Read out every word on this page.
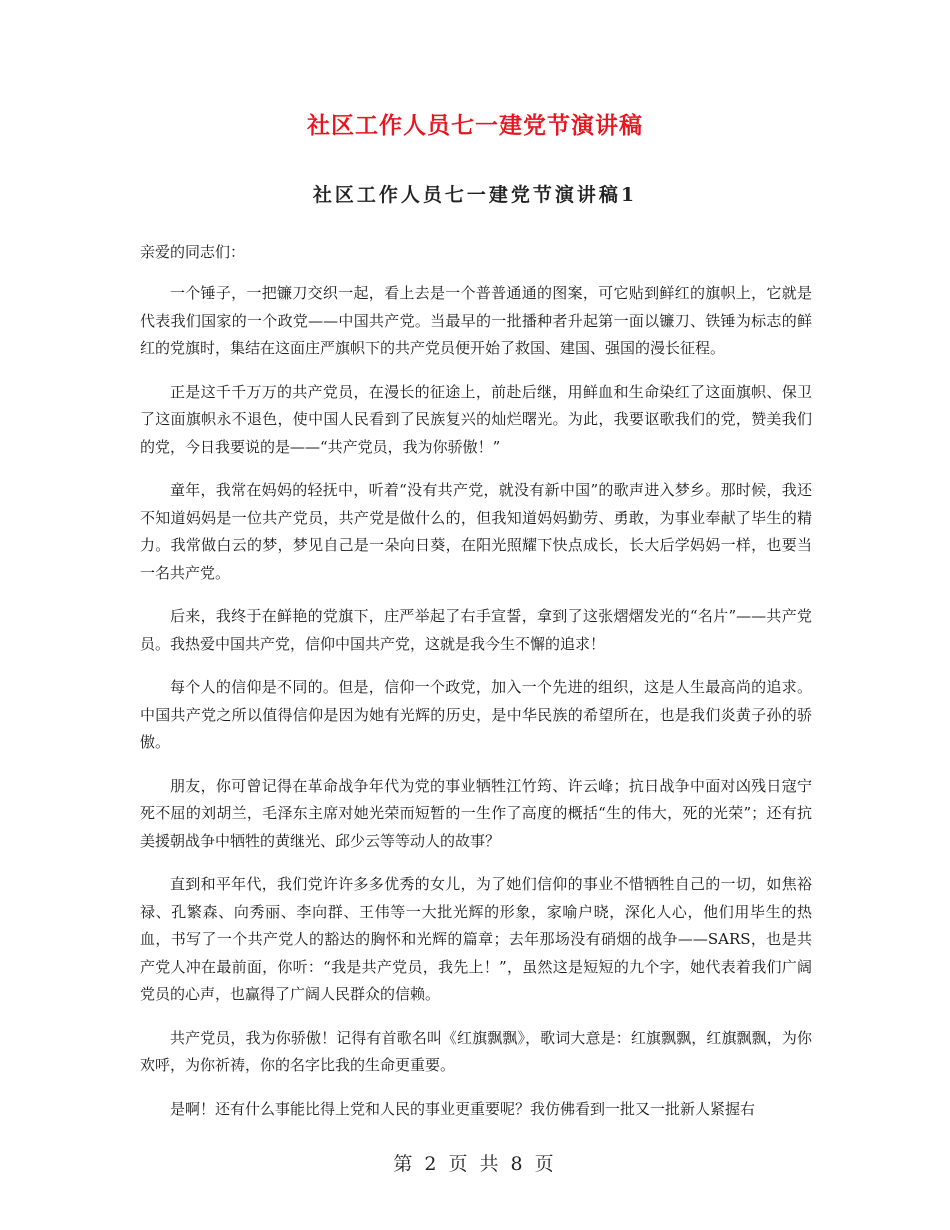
社区工作人员七一建党节演讲稿
社区工作人员七一建党节演讲稿1

亲爱的同志们：

一个锤子，一把镰刀交织一起，看上去是一个普普通通的图案，可它贴到鲜红的旗帜上，它就是代表我们国家的一个政党——中国共产党。当最早的一批播种者升起第一面以镰刀、铁锤为标志的鲜红的党旗时，集结在这面庄严旗帜下的共产党员便开始了救国、建国、强国的漫长征程。

正是这千千万万的共产党员，在漫长的征途上，前赴后继，用鲜血和生命染红了这面旗帜、保卫了这面旗帜永不退色，使中国人民看到了民族复兴的灿烂曙光。为此，我要讴歌我们的党，赞美我们的党，今日我要说的是——“共产党员，我为你骄傲！”

童年，我常在妈妈的轻抚中，听着“没有共产党，就没有新中国”的歌声进入梦乡。那时候，我还不知道妈妈是一位共产党员，共产党是做什么的，但我知道妈妈勤劳、勇敢，为事业奉献了毕生的精力。我常做白云的梦，梦见自己是一朵向日葵，在阳光照耀下快点成长，长大后学妈妈一样，也要当一名共产党。

后来，我终于在鲜艳的党旗下，庄严举起了右手宣誓，拿到了这张熠熠发光的“名片”——共产党员。我热爱中国共产党，信仰中国共产党，这就是我今生不懈的追求！

每个人的信仰是不同的。但是，信仰一个政党，加入一个先进的组织，这是人生最高尚的追求。中国共产党之所以值得信仰是因为她有光辉的历史，是中华民族的希望所在，也是我们炎黄子孙的骄傲。

朋友，你可曾记得在革命战争年代为党的事业牺牲江竹筠、许云峰；抗日战争中面对凶残日寇宁死不屈的刘胡兰，毛泽东主席对她光荣而短暂的一生作了高度的概括“生的伟大，死的光荣”；还有抗美援朝战争中牺牲的黄继光、邱少云等等动人的故事？

直到和平年代，我们党许许多多优秀的女儿，为了她们信仰的事业不惜牺牲自己的一切，如焦裕禄、孔繁森、向秀丽、李向群、王伟等一大批光辉的形象，家喻户晓，深化人心，他们用毕生的热血，书写了一个共产党人的豁达的胸怀和光辉的篇章；去年那场没有硝烟的战争——SARS，也是共产党人冲在最前面，你听：“我是共产党员，我先上！”，虽然这是短短的九个字，她代表着我们广阔党员的心声，也赢得了广阔人民群众的信赖。

共产党员，我为你骄傲！记得有首歌名叫《红旗飘飘》，歌词大意是：红旗飘飘，红旗飘飘，为你欢呼，为你祈祷，你的名字比我的生命更重要。

是啊！还有什么事能比得上党和人民的事业更重要呢？我仿佛看到一批又一批新人紧握右

第 2 页 共 8 页
